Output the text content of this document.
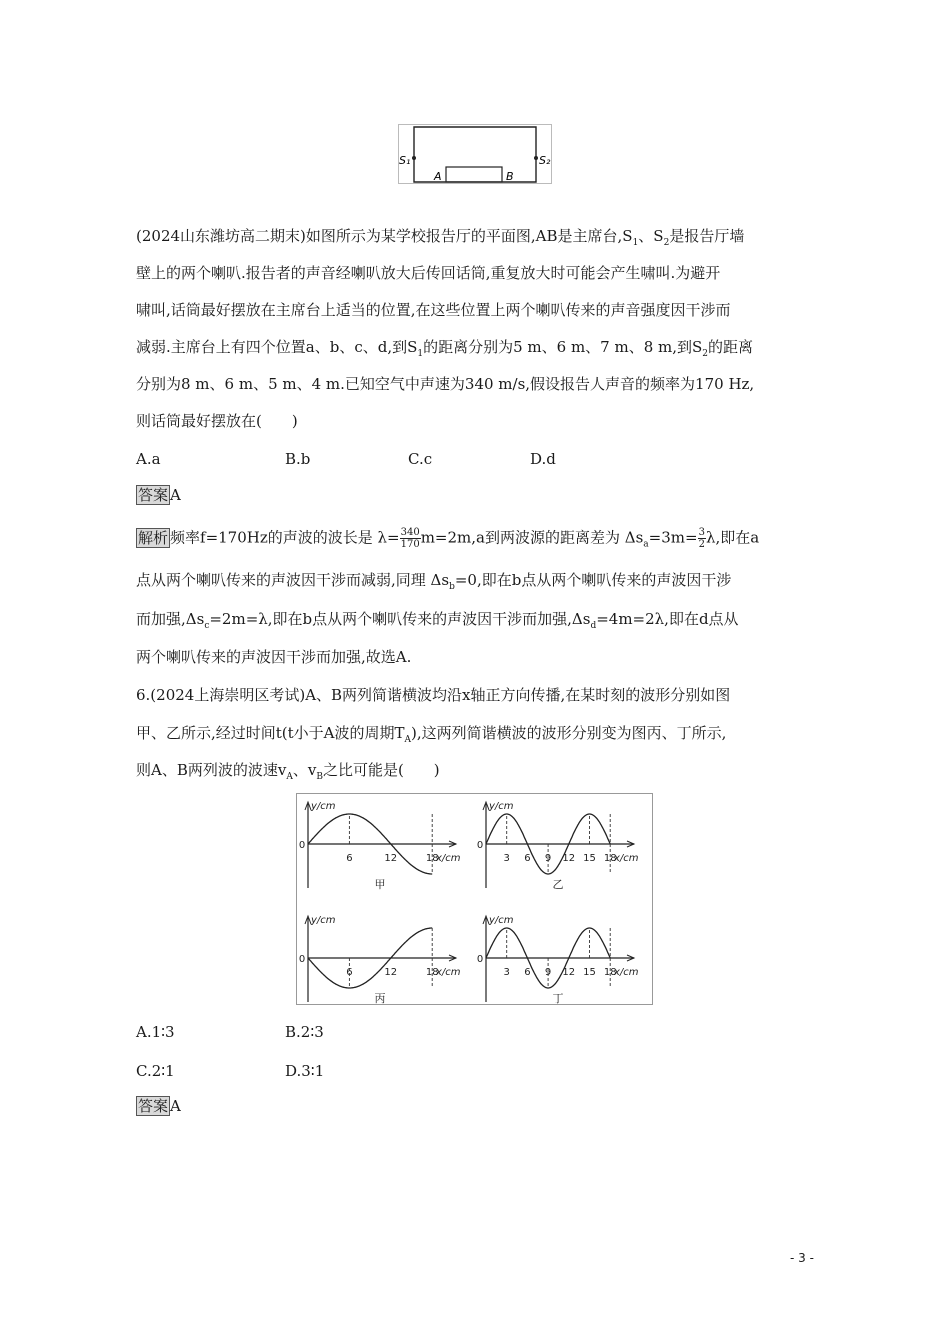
S₁	S₂
A	B
(2024山东潍坊高二期末)如图所示为某学校报告厅的平面图,AB是主席台$,S_1$、$S_2$是报告厅墙
壁上的两个喇叭.报告者的声音经喇叭放大后传回话筒,重复放大时可能会产生啸叫.为避开
啸叫,话筒最好摆放在主席台上适当的位置,在这些位置上两个喇叭传来的声音强度因干涉而
减弱.主席台上有四个位置a、b、c、d,到$S_1$的距离分别为5 m、6 m、7 m、8 m,到$S_2$的距离
分别为8 m、6 m、5 m、4 m.已知空气中声速为340 m/s,假设报告人声音的频率为170 Hz,
则话筒最好摆放在(　　)
A.a	B.b	C.c	D.d
答案 A
解析 频率f=170Hz的声波的波长是 $\lambda= \frac{340}{170} m=2m,a$到两波源的距离差为 $\Delta s_a=3m= \frac{3}{2} \lambda$,即在a
点从两个喇叭传来的声波因干涉而减弱,同理 $\Delta s_b=0$,即在b点从两个喇叭传来的声波因干涉
而加强$,\Delta s_c=2m=\lambda$,即在b点从两个喇叭传来的声波因干涉而加强$,\Delta s_d=4m=2\lambda$,即在d点从
两个喇叭传来的声波因干涉而加强,故选A.
6.(2024上海崇明区考试)A、B两列简谐横波均沿x轴正方向传播,在某时刻的波形分别如图
甲、乙所示,经过时间t(t小于A波的周期$T_A$),这两列简谐横波的波形分别变为图丙、丁所示,
则A、B两列波的波速$v_A$、$v_B$之比可能是(　　)
y/cm
x/cm
0
6	12	18
甲
y/cm
x/cm
0
3 6 9 12 15 18
乙
y/cm
x/cm
0
6	12	18
丙
y/cm
x/cm
0
3 6 9 12 15 18
丁
A.1∶3	B.2∶3
C.2∶1	D.3∶1
答案 A
- 3 -
